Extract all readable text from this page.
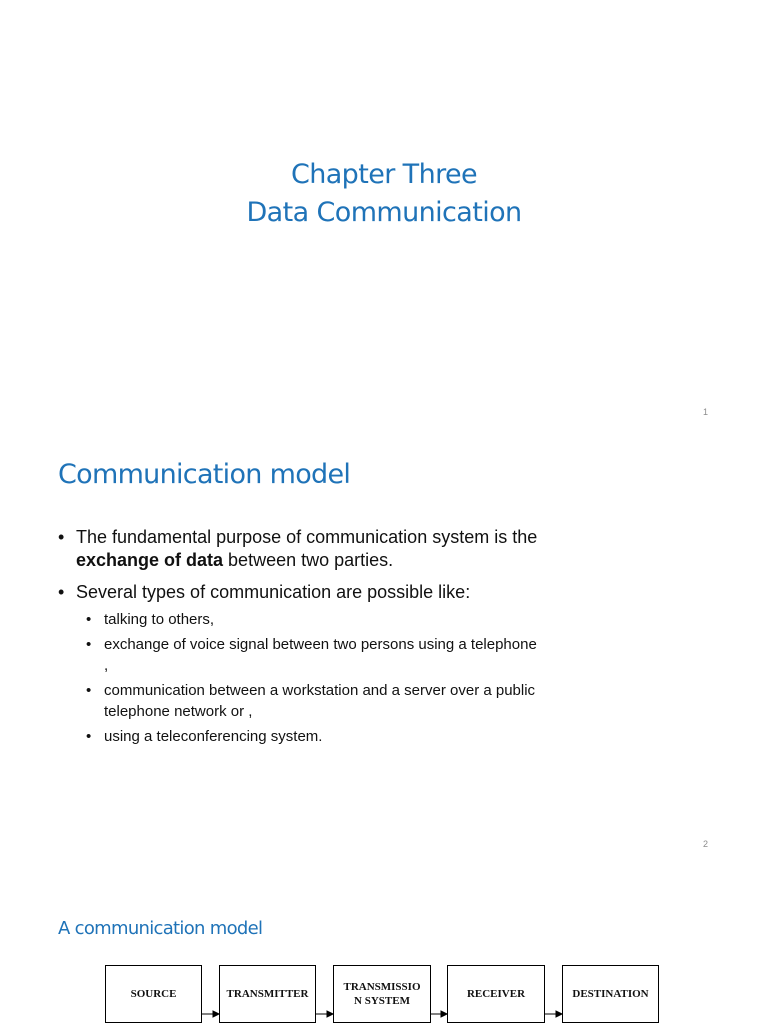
Chapter Three
Data Communication
1
Communication model
• The fundamental purpose of communication system is the
exchange of data between two parties.
• Several types of communication are possible like:
• talking to others,
• exchange of voice signal between two persons using a telephone ,
• communication between a workstation and a server over a public telephone network or ,
• using a teleconferencing system.
2
A communication model
SOURCE	TRANSMITTER
TRANSMISSIO
N SYSTEM
RECEIVER	DESTINATION
